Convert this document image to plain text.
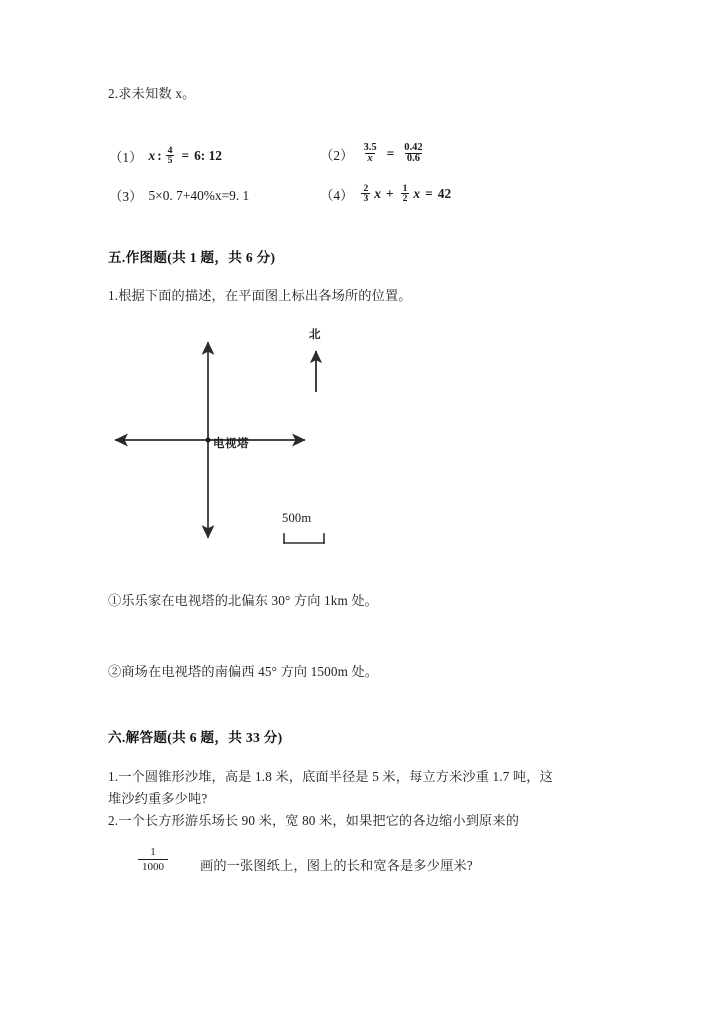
2.求未知数 x。
（1） x : $\frac{4}{5} = 6$: 12	$(2) \frac{3.5}{x} = \frac{0.42}{0.6}$
（3） 5×0. 7+40%x=9. 1	$(4) \frac{2}{3}$ $x + \frac{1}{2}$ x = 42
五.作图题(共 1 题，共 6 分)
1.根据下面的描述，在平面图上标出各场所的位置。
电视塔
北
500m
①乐乐家在电视塔的北偏东 30° 方向 1km 处。
②商场在电视塔的南偏西 45° 方向 1500m 处。
六.解答题(共 6 题，共 33 分)
1.一个圆锥形沙堆，高是 1.8 米，底面半径是 5 米，每立方米沙重 1.7 吨，这
堆沙约重多少吨?
2.一个长方形游乐场长 90 米，宽 80 米，如果把它的各边缩小到原来的
$\frac{1}{1000}$ 画的一张图纸上，图上的长和宽各是多少厘米?
